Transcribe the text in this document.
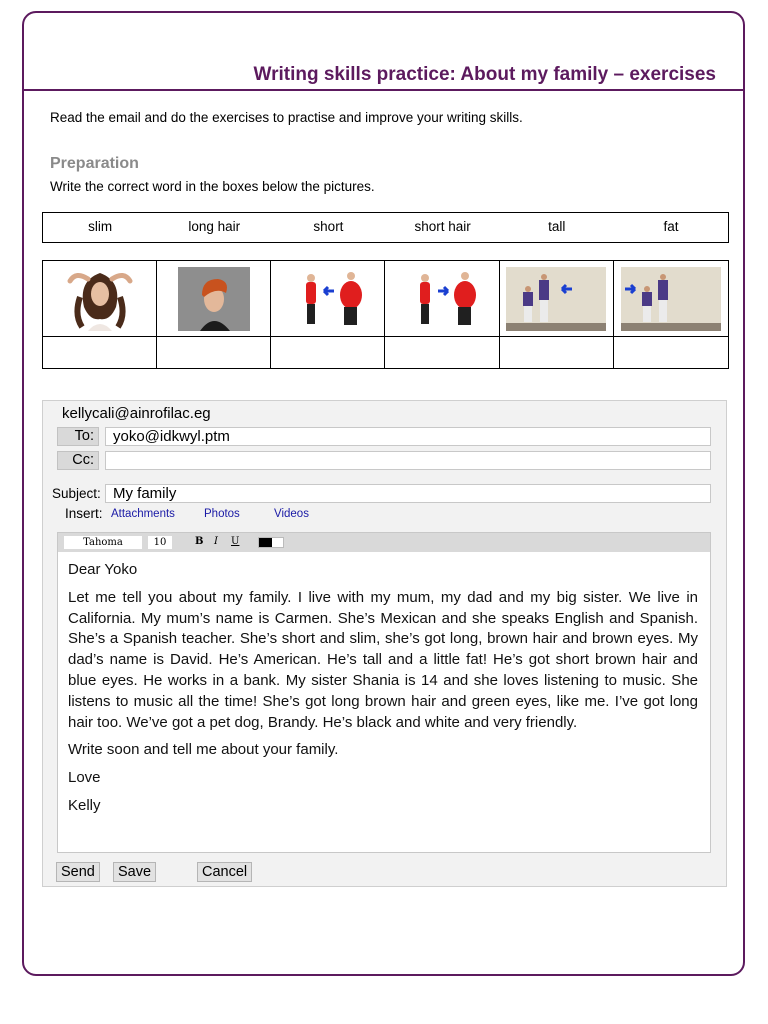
Writing skills practice: About my family – exercises
Read the email and do the exercises to practise and improve your writing skills.
Preparation
Write the correct word in the boxes below the pictures.
slim	long hair	short	short hair	tall	fat
kellycali@ainrofilac.eg
To:	yoko@idkwyl.ptm
Cc:
Subject: My family
Insert: Attachments	Photos	Videos
Tahoma	10	B I U

Dear Yoko

Let me tell you about my family. I live with my mum, my dad and my big sister. We live in California. My mum’s name is Carmen. She’s Mexican and she speaks English and Spanish. She’s a Spanish teacher. She’s short and slim, she’s got long, brown hair and brown eyes. My dad’s name is David. He’s American. He’s tall and a little fat! He’s got short brown hair and blue eyes. He works in a bank. My sister Shania is 14 and she loves listening to music. She listens to music all the time! She’s got long brown hair and green eyes, like me. I’ve got long hair too. We’ve got a pet dog, Brandy. He’s black and white and very friendly.

Write soon and tell me about your family.

Love

Kelly

Send	Save	Cancel
